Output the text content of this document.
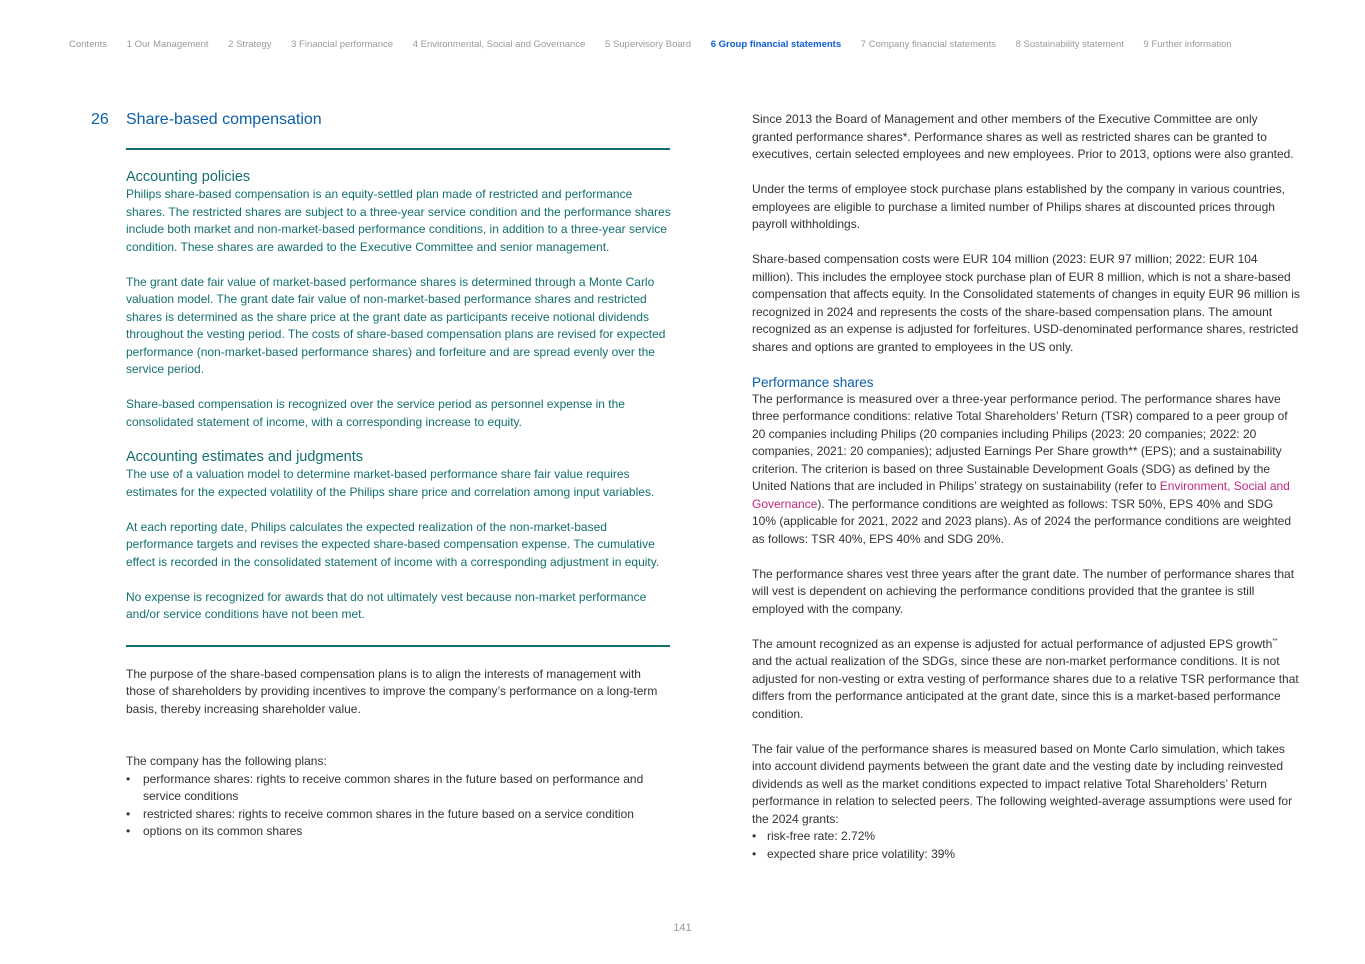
Contents 1 Our Management 2 Strategy 3 Financial performance 4 Environmental, Social and Governance 5 Supervisory Board 6 Group financial statements 7 Company financial statements 8 Sustainability statement 9 Further information
26	Share-based compensation
Accounting policies

Philips share-based compensation is an equity-settled plan made of restricted and performance shares. The restricted shares are subject to a three-year service condition and the performance shares include both market and non-market-based performance conditions, in addition to a three-year service condition. These shares are awarded to the Executive Committee and senior management.

The grant date fair value of market-based performance shares is determined through a Monte Carlo valuation model. The grant date fair value of non-market-based performance shares and restricted shares is determined as the share price at the grant date as participants receive notional dividends throughout the vesting period. The costs of share-based compensation plans are revised for expected performance (non-market-based performance shares) and forfeiture and are spread evenly over the service period.

Share-based compensation is recognized over the service period as personnel expense in the consolidated statement of income, with a corresponding increase to equity.

Accounting estimates and judgments

The use of a valuation model to determine market-based performance share fair value requires estimates for the expected volatility of the Philips share price and correlation among input variables.

At each reporting date, Philips calculates the expected realization of the non-market-based performance targets and revises the expected share-based compensation expense. The cumulative effect is recorded in the consolidated statement of income with a corresponding adjustment in equity.

No expense is recognized for awards that do not ultimately vest because non-market performance and/or service conditions have not been met.

The purpose of the share-based compensation plans is to align the interests of management with those of shareholders by providing incentives to improve the company’s performance on a long-term basis, thereby increasing shareholder value.

The company has the following plans:

• performance shares: rights to receive common shares in the future based on performance and service conditions
• restricted shares: rights to receive common shares in the future based on a service condition
• options on its common shares

Since 2013 the Board of Management and other members of the Executive Committee are only granted performance shares*. Performance shares as well as restricted shares can be granted to executives, certain selected employees and new employees. Prior to 2013, options were also granted.

Under the terms of employee stock purchase plans established by the company in various countries, employees are eligible to purchase a limited number of Philips shares at discounted prices through payroll withholdings.

Share-based compensation costs were EUR 104 million (2023: EUR 97 million; 2022: EUR 104 million). This includes the employee stock purchase plan of EUR 8 million, which is not a share-based compensation that affects equity. In the Consolidated statements of changes in equity EUR 96 million is recognized in 2024 and represents the costs of the share-based compensation plans. The amount recognized as an expense is adjusted for forfeitures. USD-denominated performance shares, restricted shares and options are granted to employees in the US only.

Performance shares

The performance is measured over a three-year performance period. The performance shares have three performance conditions: relative Total Shareholders’ Return (TSR) compared to a peer group of 20 companies including Philips (20 companies including Philips (2023: 20 companies; 2022: 20 companies, 2021: 20 companies); adjusted Earnings Per Share growth** (EPS); and a sustainability criterion. The criterion is based on three Sustainable Development Goals (SDG) as defined by the United Nations that are included in Philips’ strategy on sustainability (refer to Environment, Social and Governance). The performance conditions are weighted as follows: TSR 50%, EPS 40% and SDG 10% (applicable for 2021, 2022 and 2023 plans). As of 2024 the performance conditions are weighted as follows: TSR 40%, EPS 40% and SDG 20%.

The performance shares vest three years after the grant date. The number of performance shares that will vest is dependent on achieving the performance conditions provided that the grantee is still employed with the company.

The amount recognized as an expense is adjusted for actual performance of adjusted EPS growth** and the actual realization of the SDGs, since these are non-market performance conditions. It is not adjusted for non-vesting or extra vesting of performance shares due to a relative TSR performance that differs from the performance anticipated at the grant date, since this is a market-based performance condition.

The fair value of the performance shares is measured based on Monte Carlo simulation, which takes into account dividend payments between the grant date and the vesting date by including reinvested dividends as well as the market conditions expected to impact relative Total Shareholders’ Return performance in relation to selected peers. The following weighted-average assumptions were used for the 2024 grants:

• risk-free rate: 2.72%
• expected share price volatility: 39%
141
